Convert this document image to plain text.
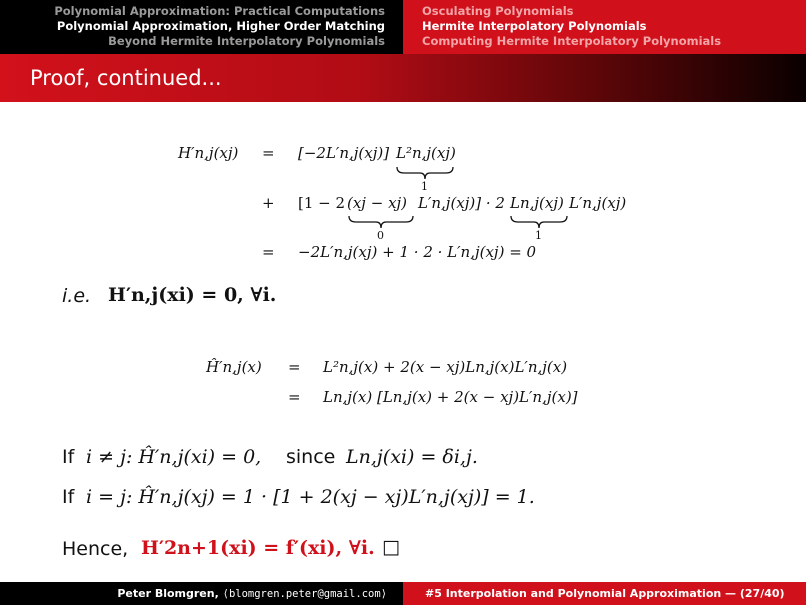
Polynomial Approximation: Practical Computations
Polynomial Approximation, Higher Order Matching
Beyond Hermite Interpolatory Polynomials
Osculating Polynomials
Hermite Interpolatory Polynomials
Computing Hermite Interpolatory Polynomials
Proof, continued...
H′n,j(xj) = [−2L′n,j(xj)] L²n,j(xj)
1
+ [1 − 2 (xj − xj)
0
L′n,j(xj)] · 2 Ln,j(xj)
1
L′n,j(xj)
= −2L′n,j(xj) + 1 · 2 · L′n,j(xj) = 0
i.e. H′n,j(xi) = 0, ∀i.
Ĥ′n,j(x) = L²n,j(x) + 2(x − xj)Ln,j(x)L′n,j(x)
= Ln,j(x) [Ln,j(x) + 2(x − xj)L′n,j(x)]
If i ≠ j: Ĥ′n,j(xi) = 0, since Ln,j(xi) = δi,j.
If i = j: Ĥ′n,j(xj) = 1 · [1 + 2(xj − xj)L′n,j(xj)] = 1.
Hence, H′2n+1(xi) = f′(xi), ∀i. □
Peter Blomgren, ⟨blomgren.peter@gmail.com⟩	#5 Interpolation and Polynomial Approximation — (27/40)
